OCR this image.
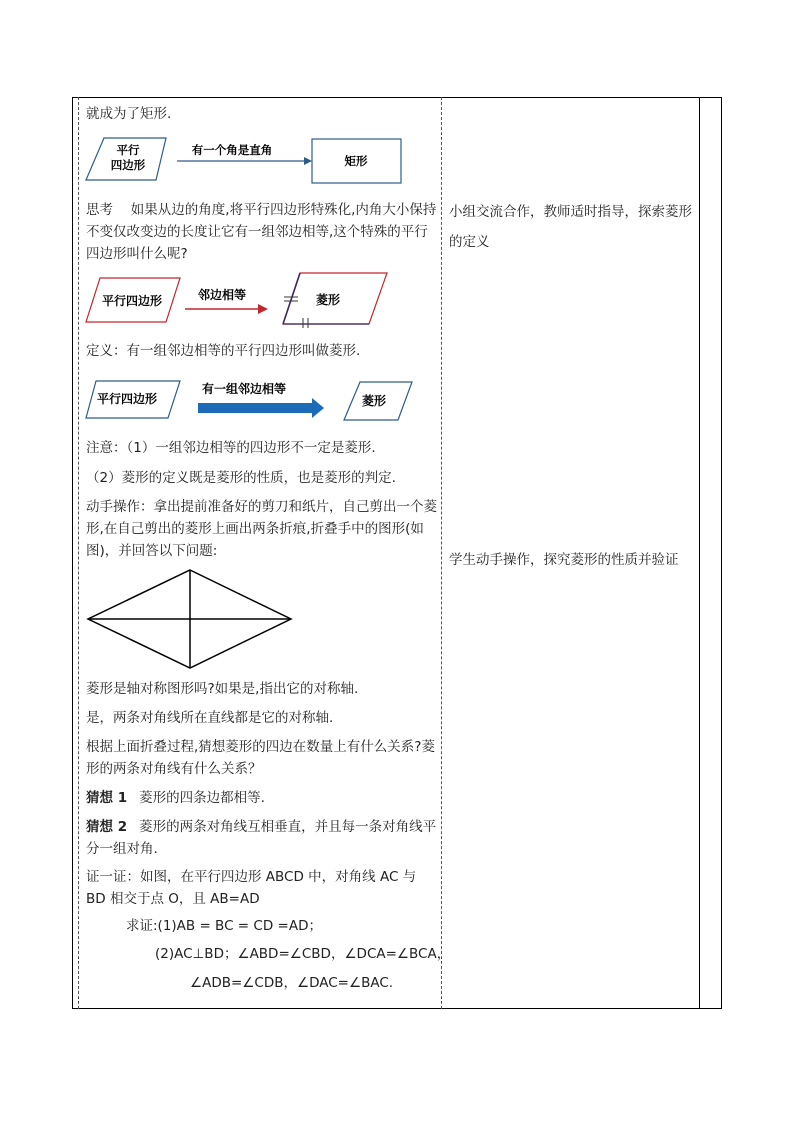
就成为了矩形.
平行
四边形
有一个角是直角
矩形
思考　 如果从边的角度,将平行四边形特殊化,内角大小保持不变仅改变边的长度让它有一组邻边相等,这个特殊的平行四边形叫什么呢?
平行四边形	邻边相等	菱形
定义：有一组邻边相等的平行四边形叫做菱形.
平行四边形
有一组邻边相等
菱形
注意：（1）一组邻边相等的四边形不一定是菱形.
（2）菱形的定义既是菱形的性质，也是菱形的判定.
动手操作：拿出提前准备好的剪刀和纸片，自己剪出一个菱形,在自己剪出的菱形上画出两条折痕,折叠手中的图形(如图)，并回答以下问题:
菱形是轴对称图形吗?如果是,指出它的对称轴.
是，两条对角线所在直线都是它的对称轴.
根据上面折叠过程,猜想菱形的四边在数量上有什么关系?菱形的两条对角线有什么关系？
猜想 1 菱形的四条边都相等.
猜想 2 菱形的两条对角线互相垂直，并且每一条对角线平分一组对角.
证一证：如图，在平行四边形 ABCD 中，对角线 AC 与 BD 相交于点 O，且 AB=AD
求证:(1)AB = BC = CD =AD；
(2)AC⊥BD；∠ABD=∠CBD，∠DCA=∠BCA，
∠ADB=∠CDB，∠DAC=∠BAC.
小组交流合作，教师适时指导，探索菱形的定义
学生动手操作，探究菱形的性质并验证
